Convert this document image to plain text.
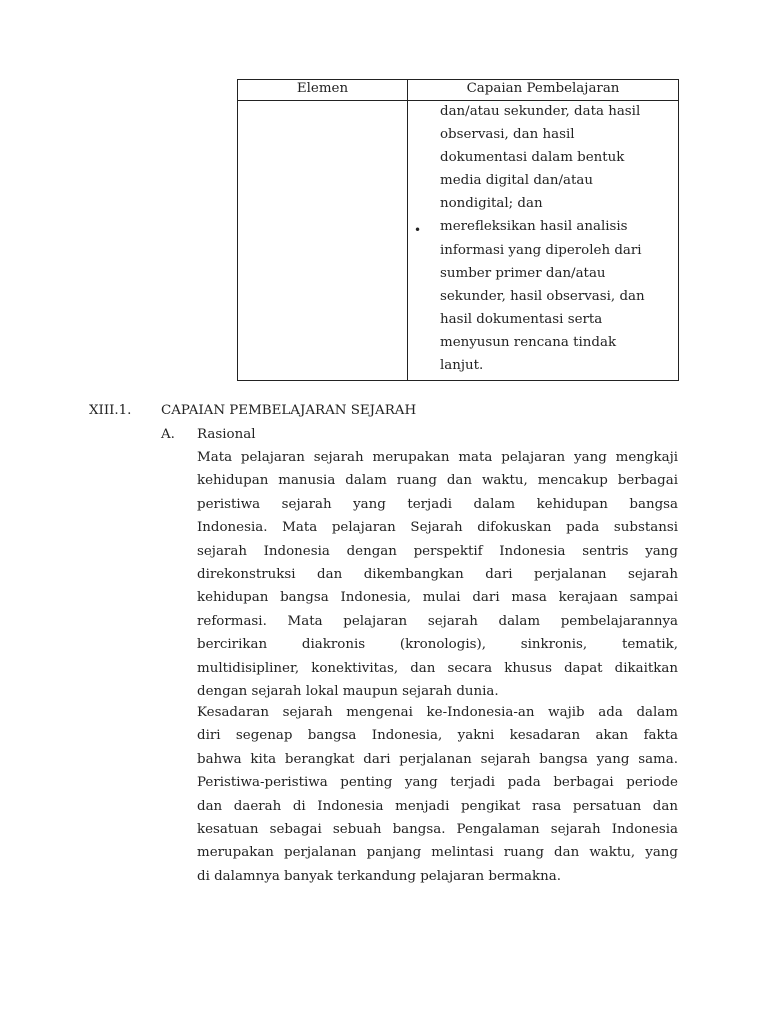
Elemen	Capaian Pembelajaran
•
dan/atau sekunder, data hasil
observasi, dan hasil
dokumentasi dalam bentuk
media digital dan/atau
nondigital; dan
merefleksikan hasil analisis
informasi yang diperoleh dari
sumber primer dan/atau
sekunder, hasil observasi, dan
hasil dokumentasi serta
menyusun rencana tindak
lanjut.
XIII.1. CAPAIAN PEMBELAJARAN SEJARAH
A. Rasional
Mata pelajaran sejarah merupakan mata pelajaran yang mengkaji
kehidupan manusia dalam ruang dan waktu, mencakup berbagai
peristiwa sejarah yang terjadi dalam kehidupan bangsa
Indonesia. Mata pelajaran Sejarah difokuskan pada substansi
sejarah Indonesia dengan perspektif Indonesia sentris yang
direkonstruksi dan dikembangkan dari perjalanan sejarah
kehidupan bangsa Indonesia, mulai dari masa kerajaan sampai
reformasi. Mata pelajaran sejarah dalam pembelajarannya
bercirikan diakronis (kronologis), sinkronis, tematik,
multidisipliner, konektivitas, dan secara khusus dapat dikaitkan
dengan sejarah lokal maupun sejarah dunia.
Kesadaran sejarah mengenai ke-Indonesia-an wajib ada dalam
diri segenap bangsa Indonesia, yakni kesadaran akan fakta
bahwa kita berangkat dari perjalanan sejarah bangsa yang sama.
Peristiwa-peristiwa penting yang terjadi pada berbagai periode
dan daerah di Indonesia menjadi pengikat rasa persatuan dan
kesatuan sebagai sebuah bangsa. Pengalaman sejarah Indonesia
merupakan perjalanan panjang melintasi ruang dan waktu, yang
di dalamnya banyak terkandung pelajaran bermakna.
